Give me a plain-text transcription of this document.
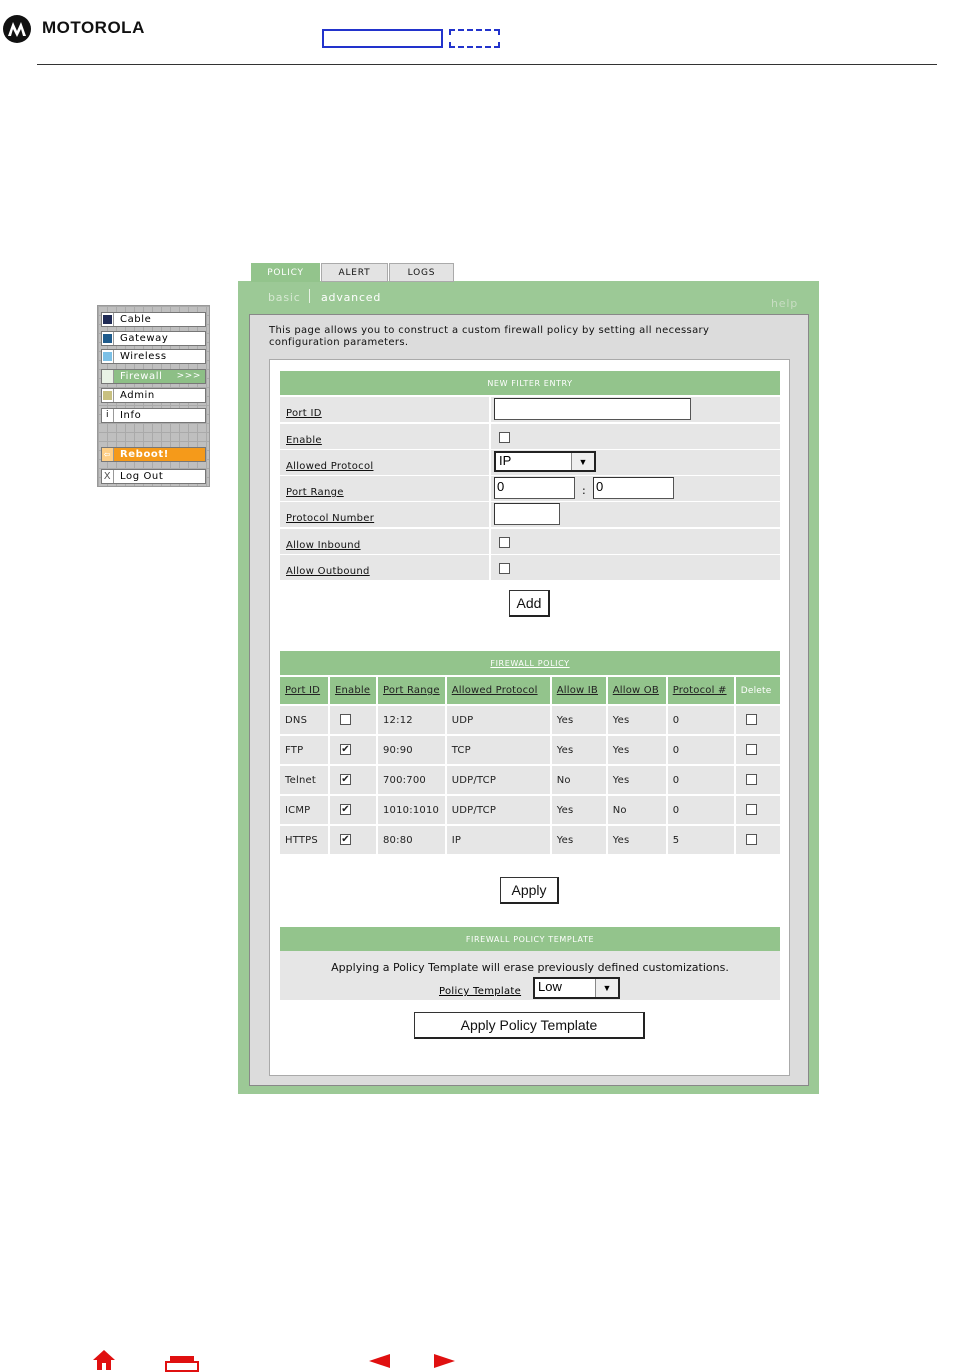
MOTOROLA
Cable
Gateway
Wireless
Firewall >>>
Admin
i	Info
⇦ Reboot!
X Log Out
POLICY	ALERT	LOGS
basic advanced	help
This page allows you to construct a custom firewall policy by setting all necessary configuration parameters.
NEW FILTER ENTRY
Port ID
Enable
Allowed Protocol	IP	▼
Port Range	0	: 0
Protocol Number
Allow Inbound
Allow Outbound
Add
FIREWALL POLICY
Port ID	Enable	Port Range	Allowed Protocol	Allow IB	Allow OB	Protocol #	Delete
DNS		12:12	UDP	Yes	Yes	0	
FTP	✔	90:90	TCP	Yes	Yes	0	
Telnet	✔	700:700	UDP/TCP	No	Yes	0	
ICMP	✔	1010:1010	UDP/TCP	Yes	No	0	
HTTPS	✔	80:80	IP	Yes	Yes	5	
Apply
FIREWALL POLICY TEMPLATE
Applying a Policy Template will erase previously defined customizations.
Policy Template	Low	▼
Apply Policy Template
